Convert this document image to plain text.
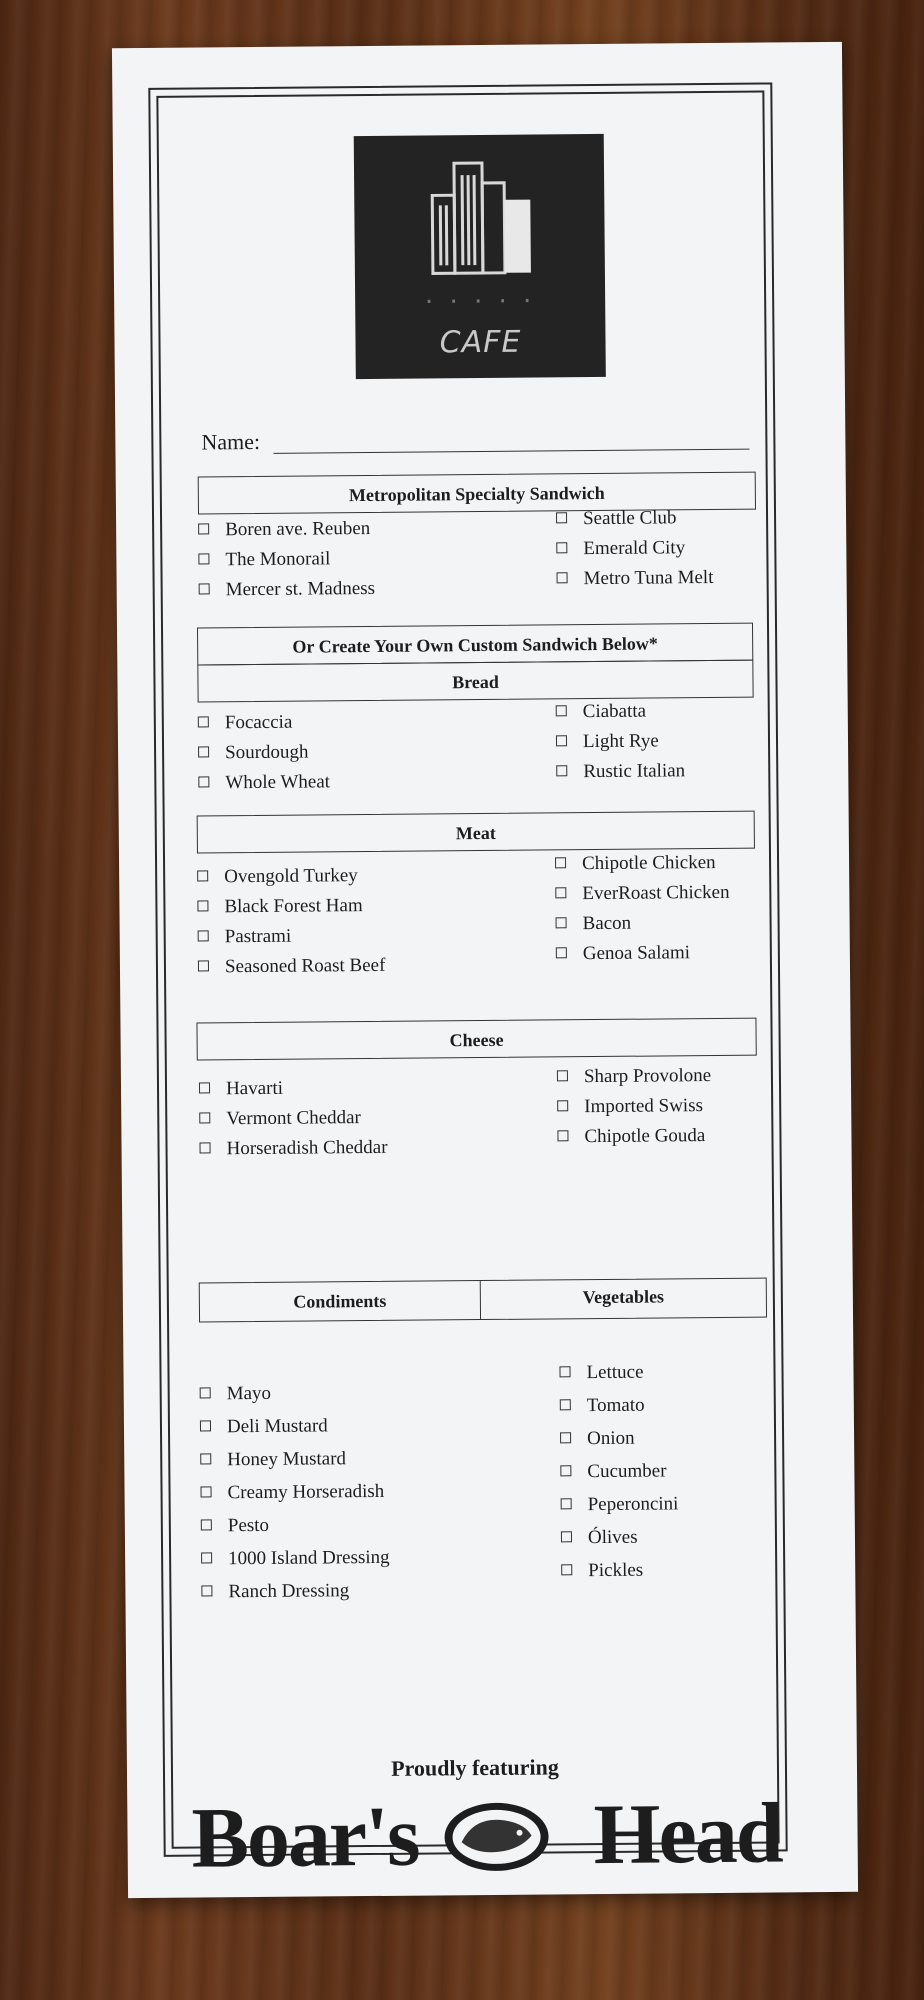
· · · · ·
CAFE
Name:
Metropolitan Specialty Sandwich
Boren ave. Reuben
The Monorail
Mercer st. Madness
Seattle Club
Emerald City
Metro Tuna Melt
Or Create Your Own Custom Sandwich Below*
Bread
Focaccia
Sourdough
Whole Wheat
Ciabatta
Light Rye
Rustic Italian
Meat
Ovengold Turkey
Black Forest Ham
Pastrami
Seasoned Roast Beef
Chipotle Chicken
EverRoast Chicken
Bacon
Genoa Salami
Cheese
Havarti
Vermont Cheddar
Horseradish Cheddar
Sharp Provolone
Imported Swiss
Chipotle Gouda
Condiments	Vegetables
Mayo
Deli Mustard
Honey Mustard
Creamy Horseradish
Pesto
1000 Island Dressing
Ranch Dressing
Lettuce
Tomato
Onion
Cucumber
Peperoncini
Ólives
Pickles
Proudly featuring
Boar's Head
